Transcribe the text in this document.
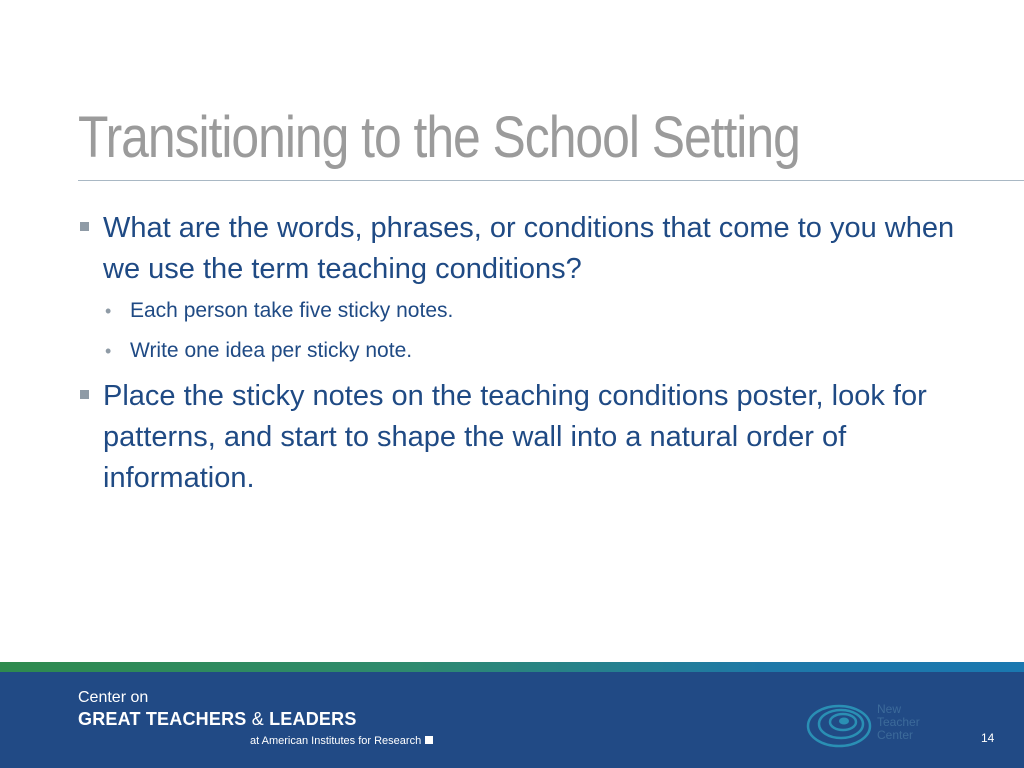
Transitioning to the School Setting
What are the words, phrases, or conditions that come to you when we use the term teaching conditions?
• Each person take five sticky notes.
• Write one idea per sticky note.
Place the sticky notes on the teaching conditions poster, look for patterns, and start to shape the wall into a natural order of information.
Center on
GREAT TEACHERS & LEADERS
at American Institutes for Research
New
Teacher
Center	14
